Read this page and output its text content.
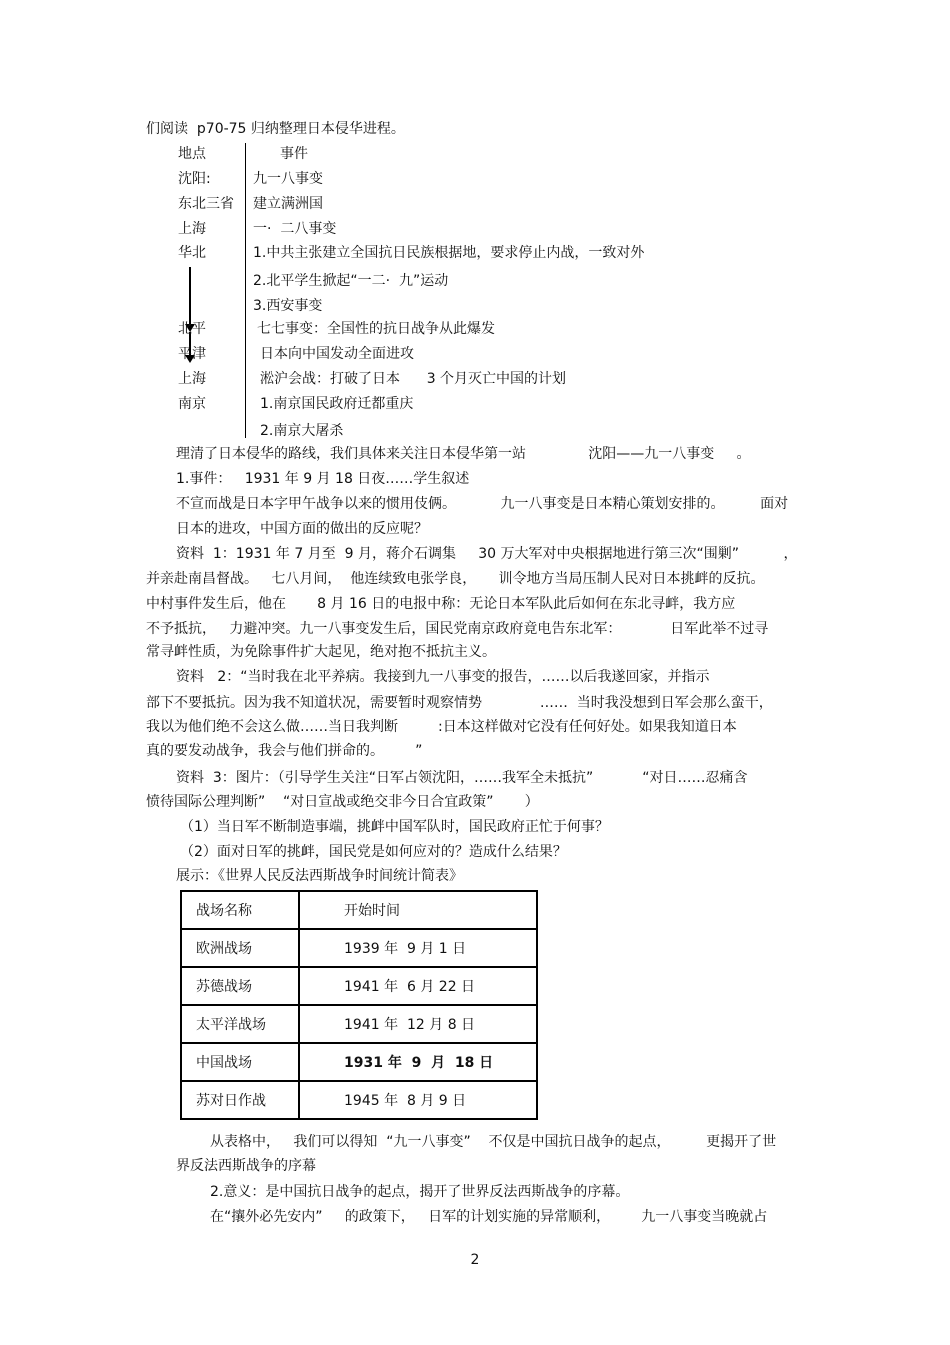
们阅读  p70-75 归纳整理日本侵华进程。
地点	事件
沈阳:	九一八事变
东北三省 建立满洲国
上海	一·  二八事变
华北	1.中共主张建立全国抗日民族根据地，要求停止内战，一致对外
2.北平学生掀起“一二·  九”运动
3.西安事变
北平	七七事变：全国性的抗日战争从此爆发
平津	日本向中国发动全面进攻
上海	淞沪会战：打破了日本      3 个月灭亡中国的计划
南京	1.南京国民政府迁都重庆
2.南京大屠杀
理清了日本侵华的路线，我们具体来关注日本侵华第一站              沈阳——九一八事变     。
1.事件：   1931 年 9 月 18 日夜……学生叙述
不宣而战是日本字甲午战争以来的惯用伎俩。          九一八事变是日本精心策划安排的。        面对
日本的进攻，中国方面的做出的反应呢？
资料  1：1931 年 7 月至  9 月，蒋介石调集     30 万大军对中央根据地进行第三次“围剿”          ，
并亲赴南昌督战。   七八月间，  他连续致电张学良，     训令地方当局压制人民对日本挑衅的反抗。
中村事件发生后，他在       8 月 16 日的电报中称：无论日本军队此后如何在东北寻衅，我方应
不予抵抗，   力避冲突。九一八事变发生后，国民党南京政府竟电告东北军：           日军此举不过寻
常寻衅性质，为免除事件扩大起见，绝对抱不抵抗主义。
资料   2：“当时我在北平养病。我接到九一八事变的报告，……以后我遂回家，并指示
部下不要抵抗。因为我不知道状况，需要暂时观察情势             ……  当时我没想到日军会那么蛮干，
我以为他们绝不会这么做……当日我判断         :日本这样做对它没有任何好处。如果我知道日本
真的要发动战争，我会与他们拼命的。       ”
资料  3：图片：（引导学生关注“日军占领沈阳，……我军全未抵抗”           “对日……忍痛含
愤待国际公理判断”    “对日宣战或绝交非今日合宜政策”       ）
（1）当日军不断制造事端，挑衅中国军队时，国民政府正忙于何事？
（2）面对日军的挑衅，国民党是如何应对的？造成什么结果？
展示：《世界人民反法西斯战争时间统计简表》
战场名称	开始时间
欧洲战场	1939 年  9 月 1 日
苏德战场	1941 年  6 月 22 日
太平洋战场	1941 年  12 月 8 日
中国战场	1931 年  9  月  18 日
苏对日作战	1945 年  8 月 9 日
从表格中，   我们可以得知  “九一八事变”    不仅是中国抗日战争的起点，        更揭开了世
界反法西斯战争的序幕
2.意义：是中国抗日战争的起点，揭开了世界反法西斯战争的序幕。
在“攘外必先安内”     的政策下，   日军的计划实施的异常顺利，       九一八事变当晚就占
2
